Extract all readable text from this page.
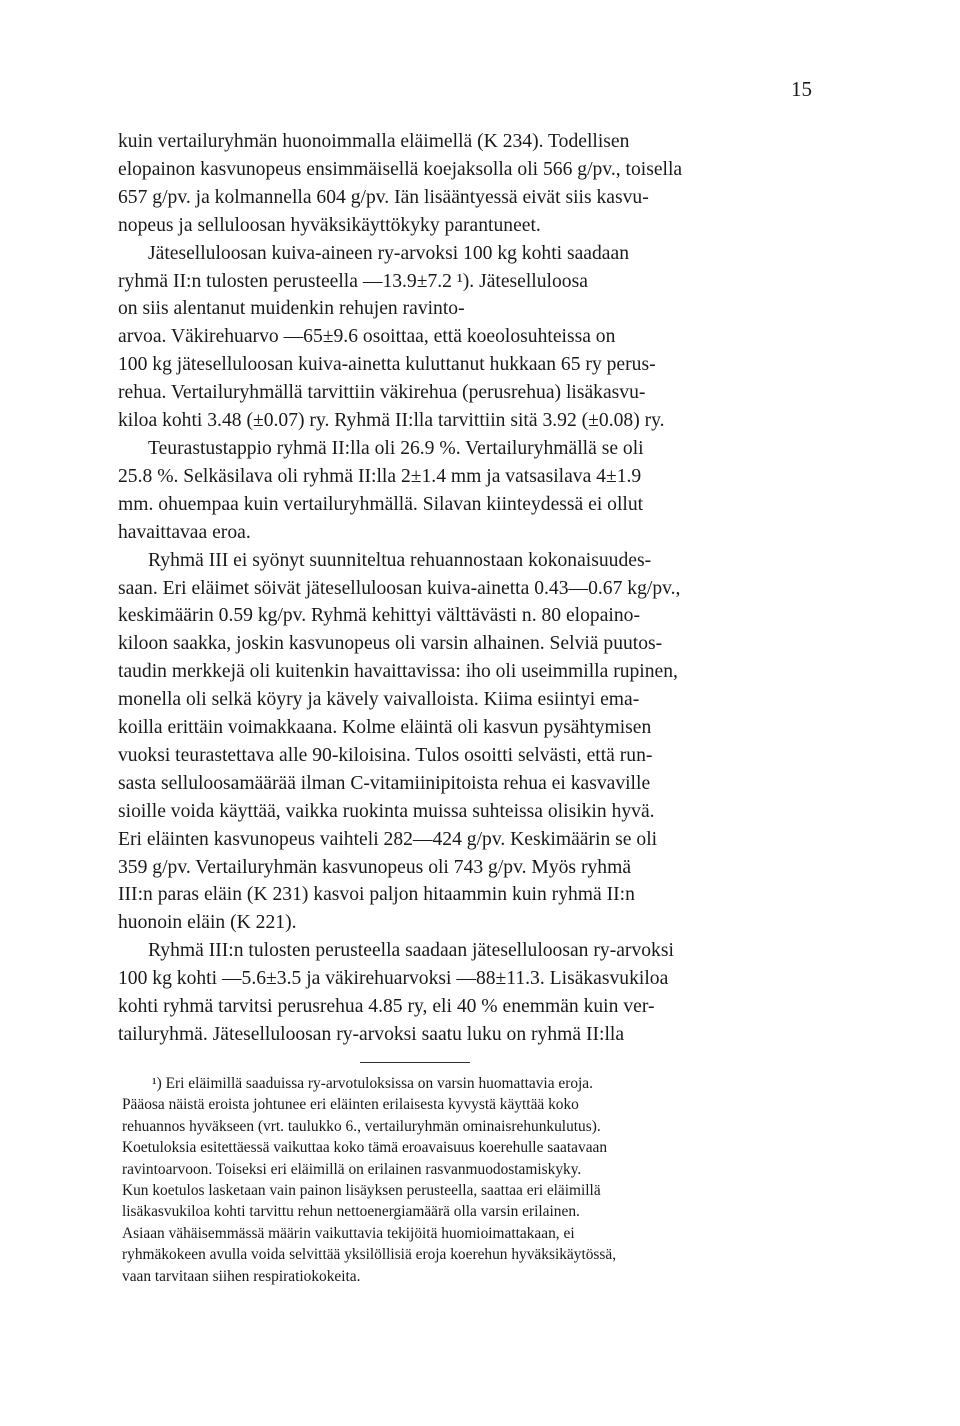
15
kuin vertailuryhmän huonoimmalla eläimellä (K 234). Todellisen
elopainon kasvunopeus ensimmäisellä koejaksolla oli 566 g/pv., toisella
657 g/pv. ja kolmannella 604 g/pv. Iän lisääntyessä eivät siis kasvu-
nopeus ja selluloosan hyväksikäyttökyky parantuneet.
Jäteselluloosan kuiva-aineen ry-arvoksi 100 kg kohti saadaan
ryhmä II:n tulosten perusteella —13.9±7.2 ¹). Jäteselluloosa
on siis alentanut muidenkin rehujen ravinto-
arvoa. Väkirehuarvo —65±9.6 osoittaa, että koeolosuhteissa on
100 kg jäteselluloosan kuiva-ainetta kuluttanut hukkaan 65 ry perus-
rehua. Vertailuryhmällä tarvittiin väkirehua (perusrehua) lisäkasvu-
kiloa kohti 3.48 (±0.07) ry. Ryhmä II:lla tarvittiin sitä 3.92 (±0.08) ry.
Teurastustappio ryhmä II:lla oli 26.9 %. Vertailuryhmällä se oli
25.8 %. Selkäsilava oli ryhmä II:lla 2±1.4 mm ja vatsasilava 4±1.9
mm. ohuempaa kuin vertailuryhmällä. Silavan kiinteydessä ei ollut
havaittavaa eroa.
Ryhmä III ei syönyt suunniteltua rehuannostaan kokonaisuudes-
saan. Eri eläimet söivät jäteselluloosan kuiva-ainetta 0.43—0.67 kg/pv.,
keskimäärin 0.59 kg/pv. Ryhmä kehittyi välttävästi n. 80 elopaino-
kiloon saakka, joskin kasvunopeus oli varsin alhainen. Selviä puutos-
taudin merkkejä oli kuitenkin havaittavissa: iho oli useimmilla rupinen,
monella oli selkä köyry ja kävely vaivalloista. Kiima esiintyi ema-
koilla erittäin voimakkaana. Kolme eläintä oli kasvun pysähtymisen
vuoksi teurastettava alle 90-kiloisina. Tulos osoitti selvästi, että run-
sasta selluloosamäärää ilman C-vitamiinipitoista rehua ei kasvaville
sioille voida käyttää, vaikka ruokinta muissa suhteissa olisikin hyvä.
Eri eläinten kasvunopeus vaihteli 282—424 g/pv. Keskimäärin se oli
359 g/pv. Vertailuryhmän kasvunopeus oli 743 g/pv. Myös ryhmä
III:n paras eläin (K 231) kasvoi paljon hitaammin kuin ryhmä II:n
huonoin eläin (K 221).
Ryhmä III:n tulosten perusteella saadaan jäteselluloosan ry-arvoksi
100 kg kohti —5.6±3.5 ja väkirehuarvoksi —88±11.3. Lisäkasvukiloa
kohti ryhmä tarvitsi perusrehua 4.85 ry, eli 40 % enemmän kuin ver-
tailuryhmä. Jäteselluloosan ry-arvoksi saatu luku on ryhmä II:lla
¹) Eri eläimillä saaduissa ry-arvotuloksissa on varsin huomattavia eroja.
Pääosa näistä eroista johtunee eri eläinten erilaisesta kyvystä käyttää koko
rehuannos hyväkseen (vrt. taulukko 6., vertailuryhmän ominaisrehunkulutus).
Koetuloksia esitettäessä vaikuttaa koko tämä eroavaisuus koerehulle saatavaan
ravintoarvoon. Toiseksi eri eläimillä on erilainen rasvanmuodostamiskyky.
Kun koetulos lasketaan vain painon lisäyksen perusteella, saattaa eri eläimillä
lisäkasvukiloa kohti tarvittu rehun nettoenergiamäärä olla varsin erilainen.
Asiaan vähäisemmässä määrin vaikuttavia tekijöitä huomioimattakaan, ei
ryhmäkokeen avulla voida selvittää yksilöllisiä eroja koerehun hyväksikäytössä,
vaan tarvitaan siihen respiratiokokeita.
